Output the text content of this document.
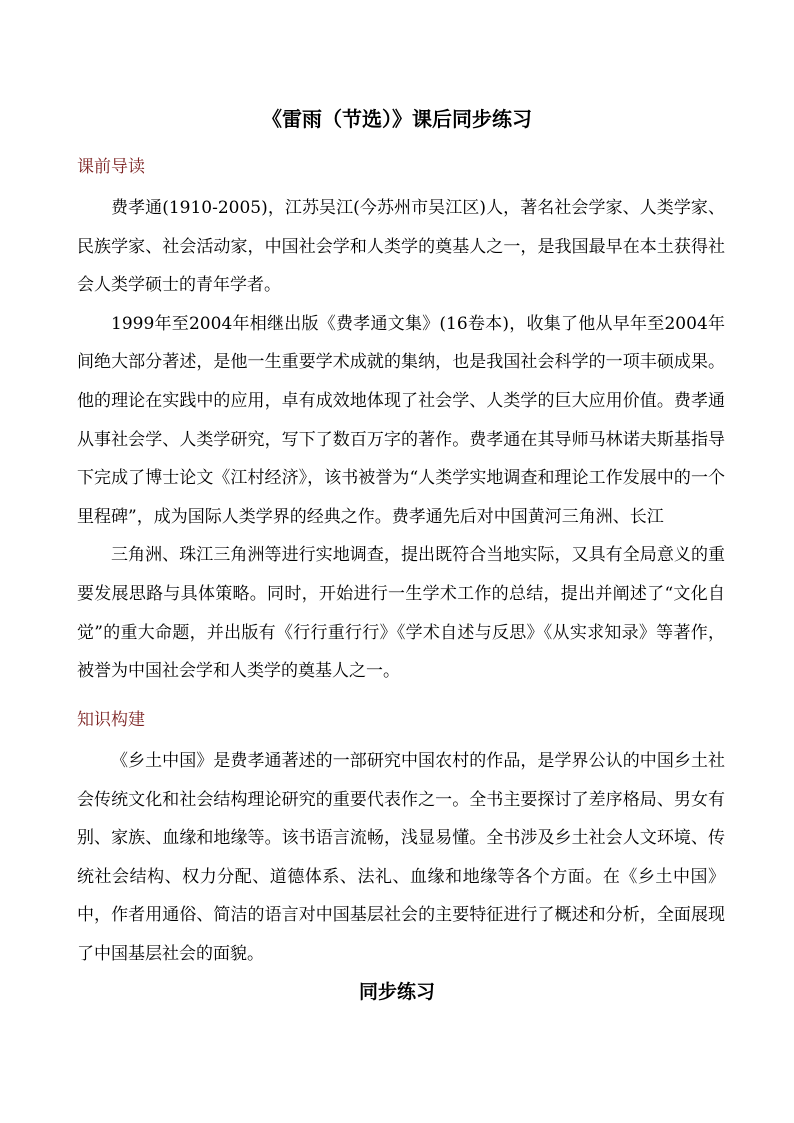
《雷雨（节选）》课后同步练习
课前导读

费孝通(1910-2005)，江苏吴江(今苏州市吴江区)人，著名社会学家、人类学家、民族学家、社会活动家，中国社会学和人类学的奠基人之一，是我国最早在本土获得社会人类学硕士的青年学者。

1999年至2004年相继出版《费孝通文集》(16卷本)，收集了他从早年至2004年间绝大部分著述，是他一生重要学术成就的集纳，也是我国社会科学的一项丰硕成果。他的理论在实践中的应用，卓有成效地体现了社会学、人类学的巨大应用价值。费孝通从事社会学、人类学研究，写下了数百万字的著作。费孝通在其导师马林诺夫斯基指导下完成了博士论文《江村经济》，该书被誉为“人类学实地调查和理论工作发展中的一个里程碑”，成为国际人类学界的经典之作。费孝通先后对中国黄河三角洲、长江

三角洲、珠江三角洲等进行实地调查，提出既符合当地实际，又具有全局意义的重要发展思路与具体策略。同时，开始进行一生学术工作的总结，提出并阐述了“文化自觉”的重大命题，并出版有《行行重行行》《学术自述与反思》《从实求知录》等著作，被誉为中国社会学和人类学的奠基人之一。

知识构建

《乡土中国》是费孝通著述的一部研究中国农村的作品，是学界公认的中国乡土社会传统文化和社会结构理论研究的重要代表作之一。全书主要探讨了差序格局、男女有别、家族、血缘和地缘等。该书语言流畅，浅显易懂。全书涉及乡土社会人文环境、传统社会结构、权力分配、道德体系、法礼、血缘和地缘等各个方面。在《乡土中国》中，作者用通俗、简洁的语言对中国基层社会的主要特征进行了概述和分析，全面展现了中国基层社会的面貌。

同步练习
